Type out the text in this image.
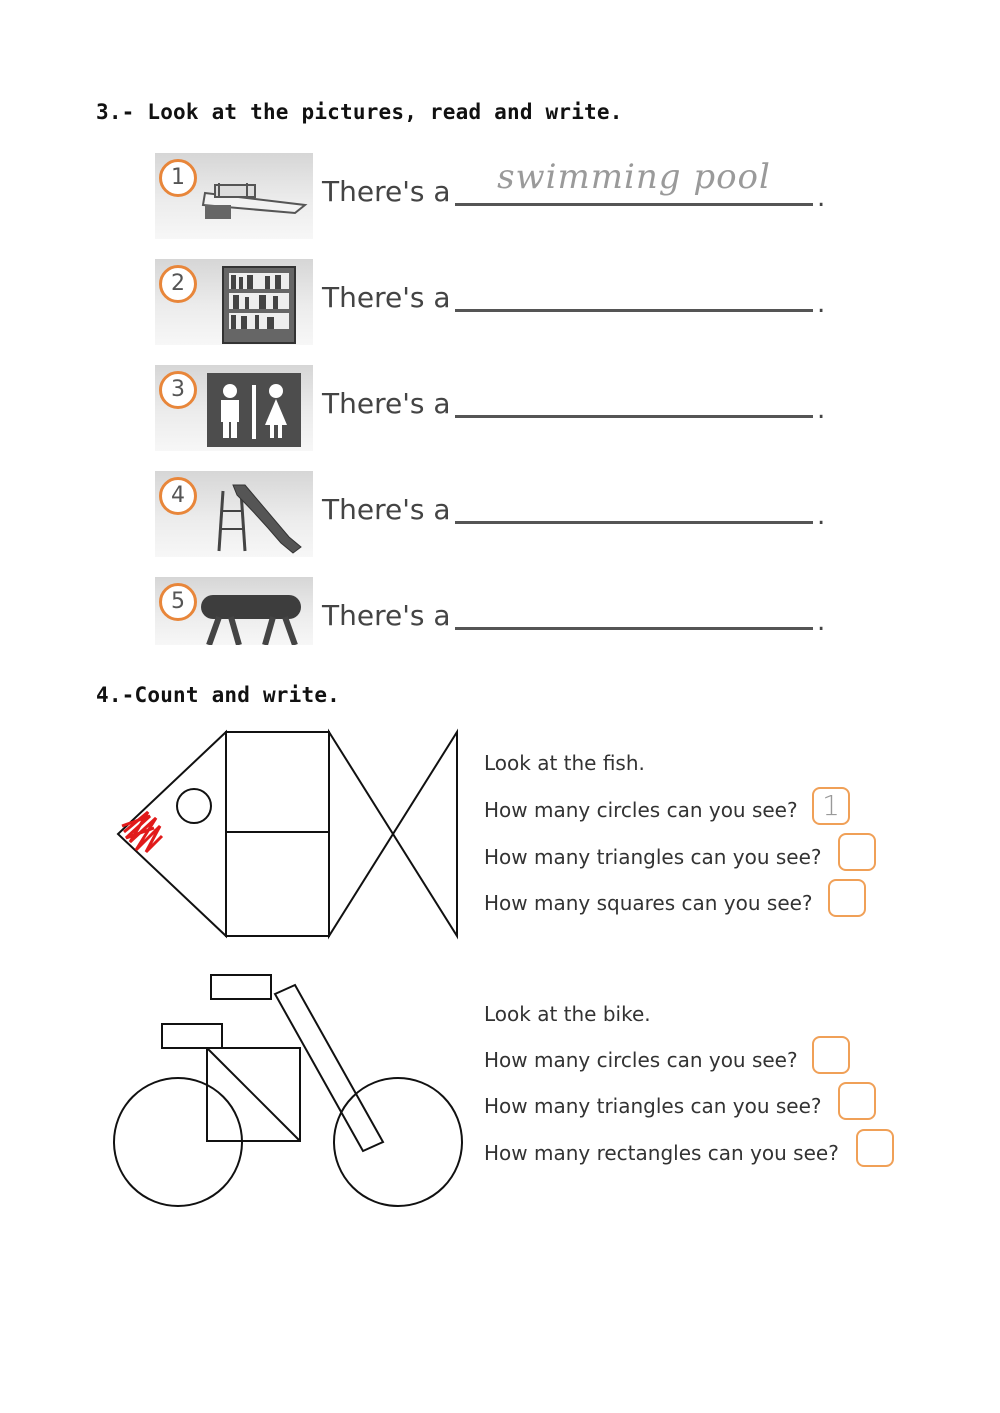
3.- Look at the pictures, read and write.
1	There's a	swimming pool
.
2	There's a	.
3	There's a	.
4	There's a	.
5	There's a	.
4.-Count and write.
Look at the fish.
How many circles can you see? 1
How many triangles can you see?
How many squares can you see?
Look at the bike.
How many circles can you see?
How many triangles can you see?
How many rectangles can you see?
